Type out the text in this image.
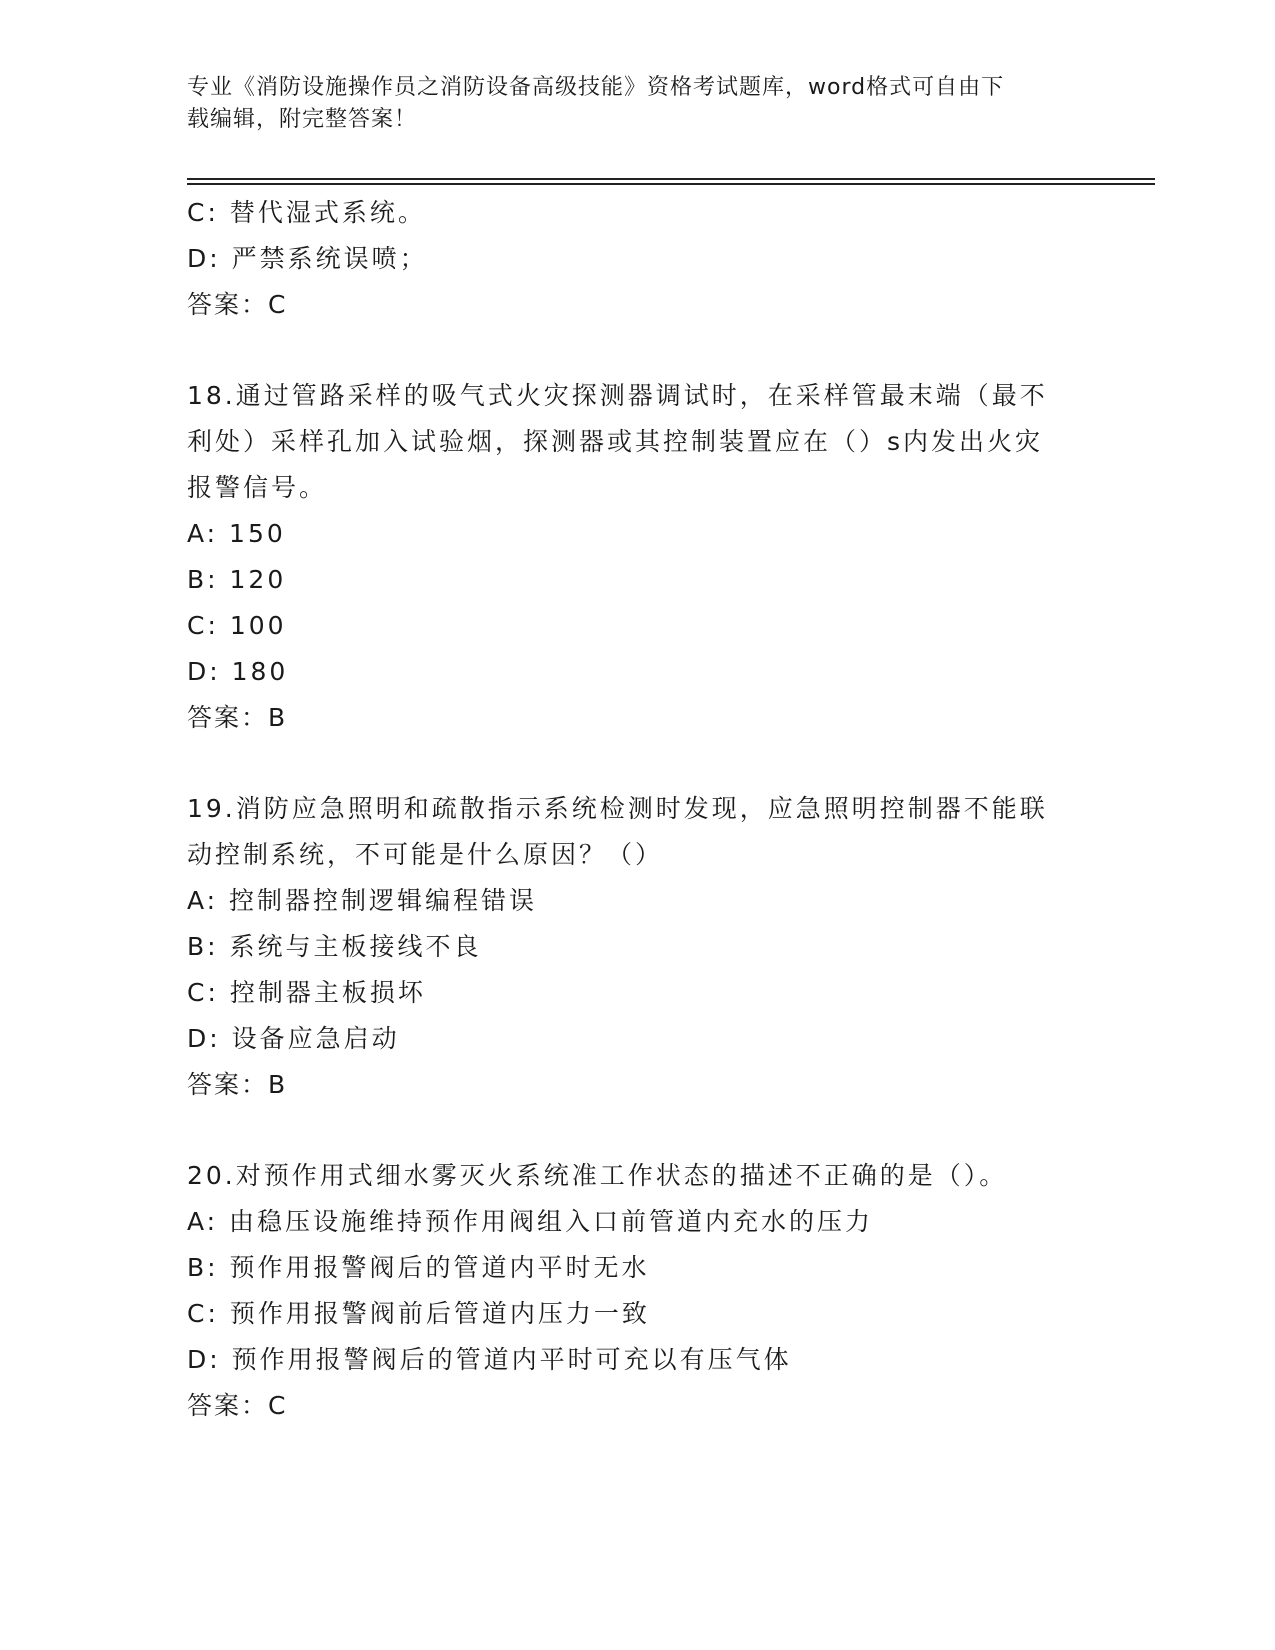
专业《消防设施操作员之消防设备高级技能》资格考试题库，word格式可自由下
载编辑，附完整答案！
C: 替代湿式系统。
D: 严禁系统误喷；
答案：C
18.通过管路采样的吸气式火灾探测器调试时，在采样管最末端（最不
利处）采样孔加入试验烟，探测器或其控制装置应在（）s内发出火灾
报警信号。
A: 150
B: 120
C: 100
D: 180
答案：B
19.消防应急照明和疏散指示系统检测时发现，应急照明控制器不能联
动控制系统，不可能是什么原因？（）
A: 控制器控制逻辑编程错误
B: 系统与主板接线不良
C: 控制器主板损坏
D: 设备应急启动
答案：B
20.对预作用式细水雾灭火系统准工作状态的描述不正确的是（）。
A: 由稳压设施维持预作用阀组入口前管道内充水的压力
B: 预作用报警阀后的管道内平时无水
C: 预作用报警阀前后管道内压力一致
D: 预作用报警阀后的管道内平时可充以有压气体
答案：C
